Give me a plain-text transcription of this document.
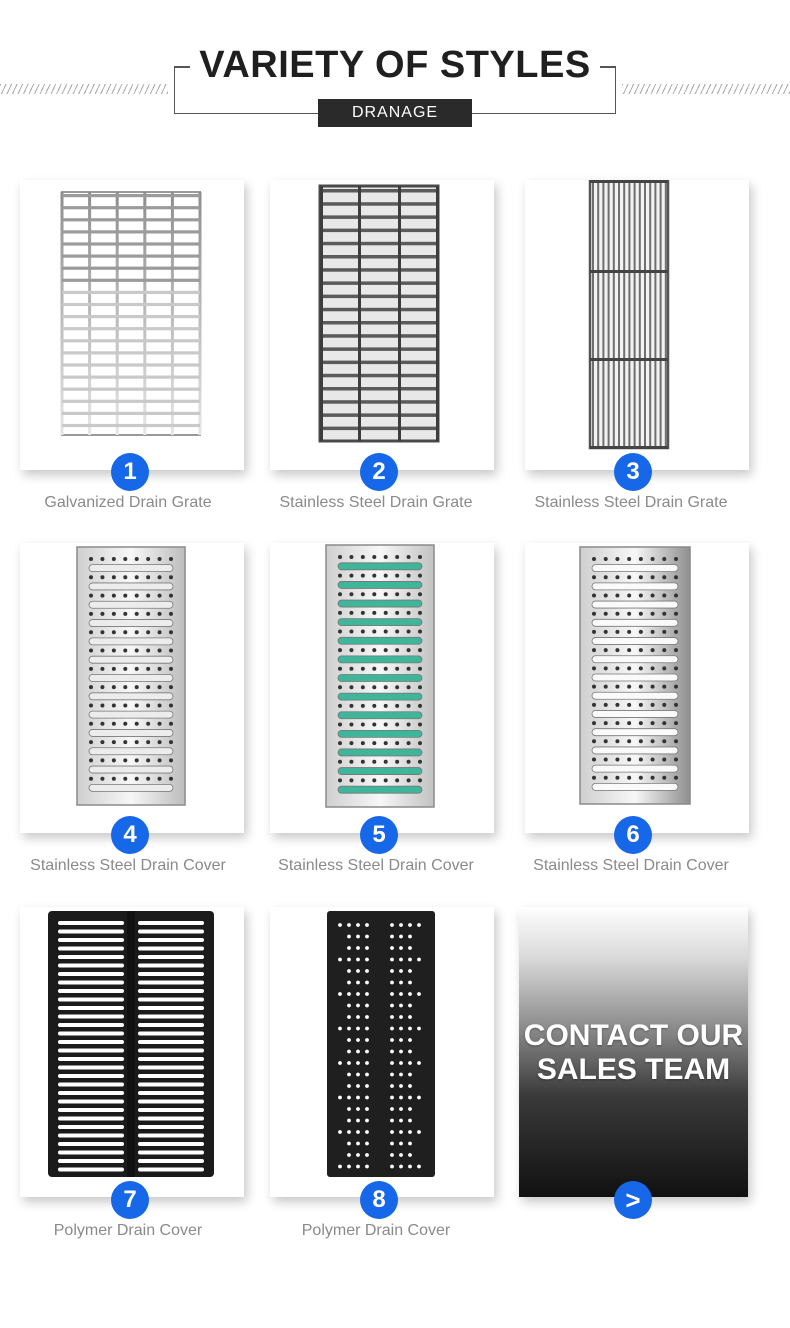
VARIETY OF STYLES
DRANAGE
1
Galvanized Drain Grate
2
Stainless Steel Drain Grate
3
Stainless Steel Drain Grate
4
Stainless Steel Drain Cover
5
Stainless Steel Drain Cover
6
Stainless Steel Drain Cover
7
Polymer Drain Cover
8
Polymer Drain Cover
CONTACT OUR
SALES TEAM
>
